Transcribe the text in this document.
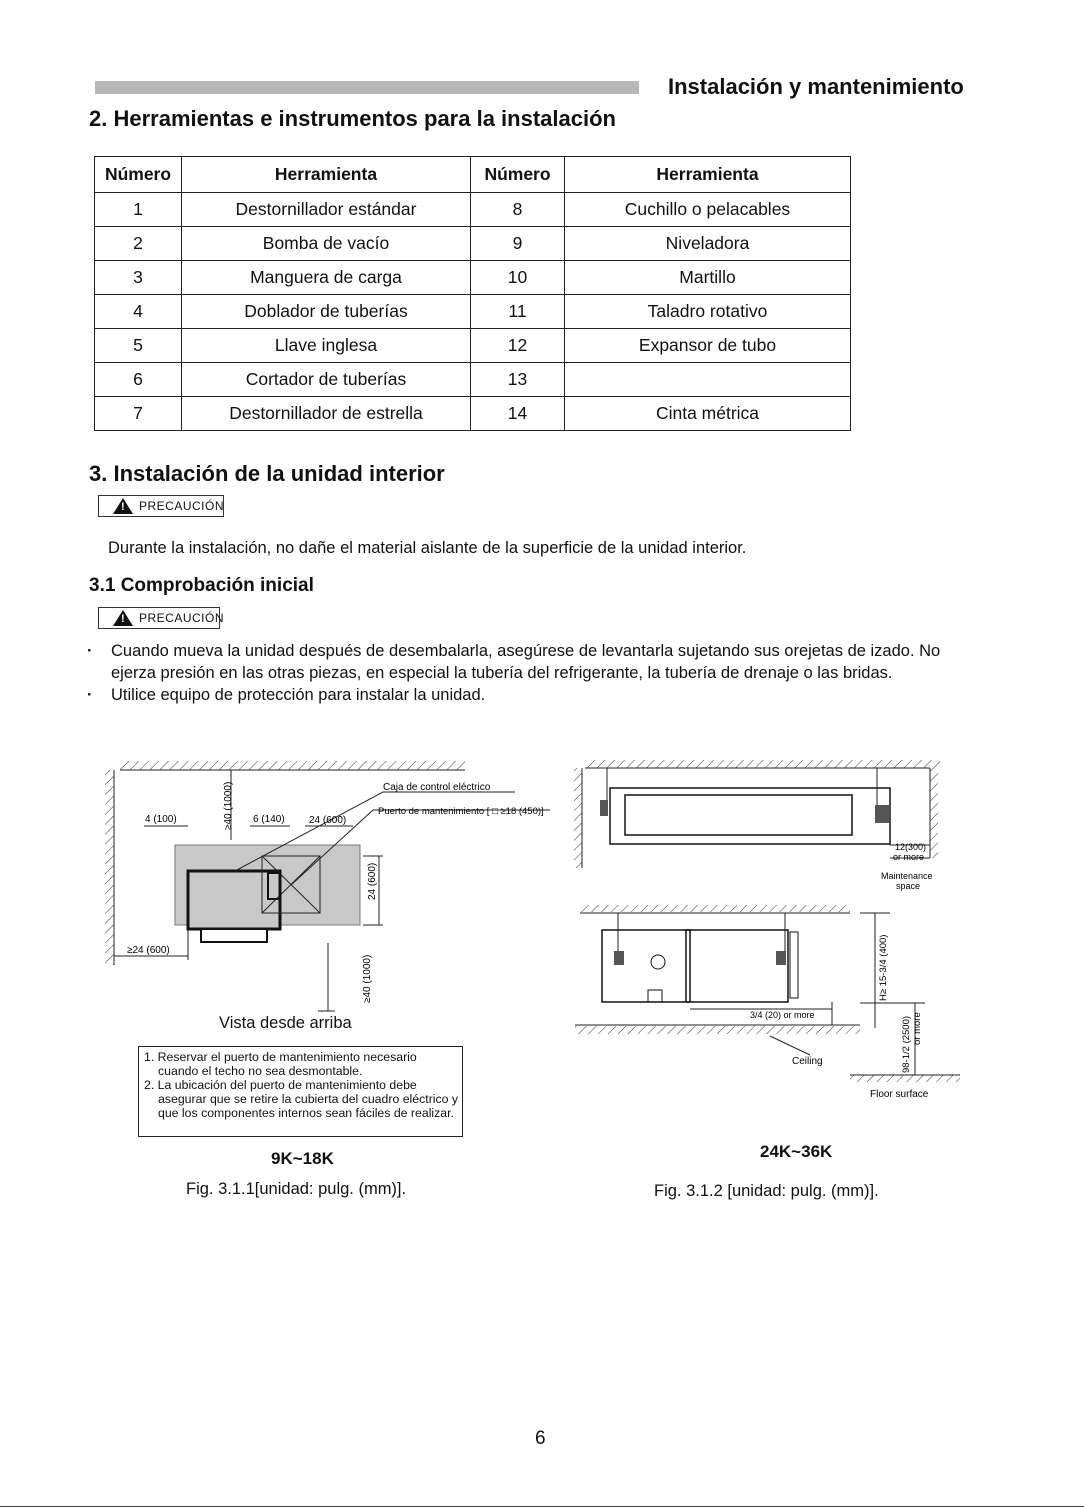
Instalación y mantenimiento
2. Herramientas e instrumentos para la instalación
Número	Herramienta	Número	Herramienta
1	Destornillador estándar	8	Cuchillo o pelacables
2	Bomba de vacío	9	Niveladora
3	Manguera de carga	10	Martillo
4	Doblador de tuberías	11	Taladro rotativo
5	Llave inglesa	12	Expansor de tubo
6	Cortador de tuberías	13	
7	Destornillador de estrella	14	Cinta métrica
3. Instalación de la unidad interior
!
PRECAUCIÓN
Durante la instalación, no dañe el material aislante de la superficie de la unidad interior.
3.1 Comprobación inicial
!
PRECAUCIÓN
· Cuando mueva la unidad después de desembalarla, asegúrese de levantarla sujetando sus orejetas de izado. No ejerza presión en las otras piezas, en especial la tubería del refrigerante, la tubería de drenaje o las bridas.
· Utilice equipo de protección para instalar la unidad.
Caja de control eléctrico
Puerto de mantenimiento [ □ ≥18 (450)]
4 (100)	6 (140) 24 (600)
≥24 (600)
≥40 (1000)
24 (600)
≥40 (1000)
Vista desde arriba
1. Reservar el puerto de mantenimiento necesario cuando el techo no sea desmontable.
2. La ubicación del puerto de mantenimiento debe asegurar que se retire la cubierta del cuadro eléctrico y que los componentes internos sean fáciles de realizar.
9K~18K
Fig. 3.1.1[unidad: pulg. (mm)].
12(300)
or more
Maintenance
space
3/4 (20) or more
H≥ 15-3/4 (400)
98-1/2 (2500) or more
Floor surface
Ceiling
24K~36K
Fig. 3.1.2 [unidad: pulg. (mm)].
6
